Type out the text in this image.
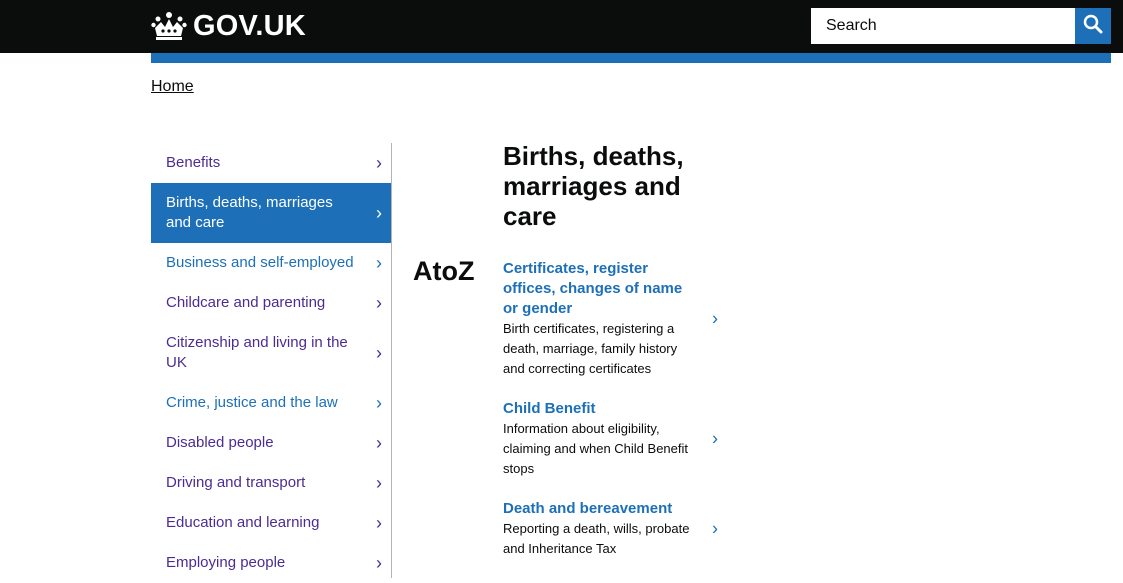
GOV.UK	Search
Home
Benefits	›
Births, deaths, marriages and care	›
Business and self-employed ›
Childcare and parenting	›
Citizenship and living in the UK	›
Crime, justice and the law ›
Disabled people	›
Driving and transport	›
Education and learning	›
Employing people	›
AtoZ
Births, deaths, marriages and care
Certificates, register offices, changes of name or gender
Birth certificates, registering a death, marriage, family history and correcting certificates
›
Child Benefit
Information about eligibility, claiming and when Child Benefit stops
›
Death and bereavement
Reporting a death, wills, probate and Inheritance Tax
›
